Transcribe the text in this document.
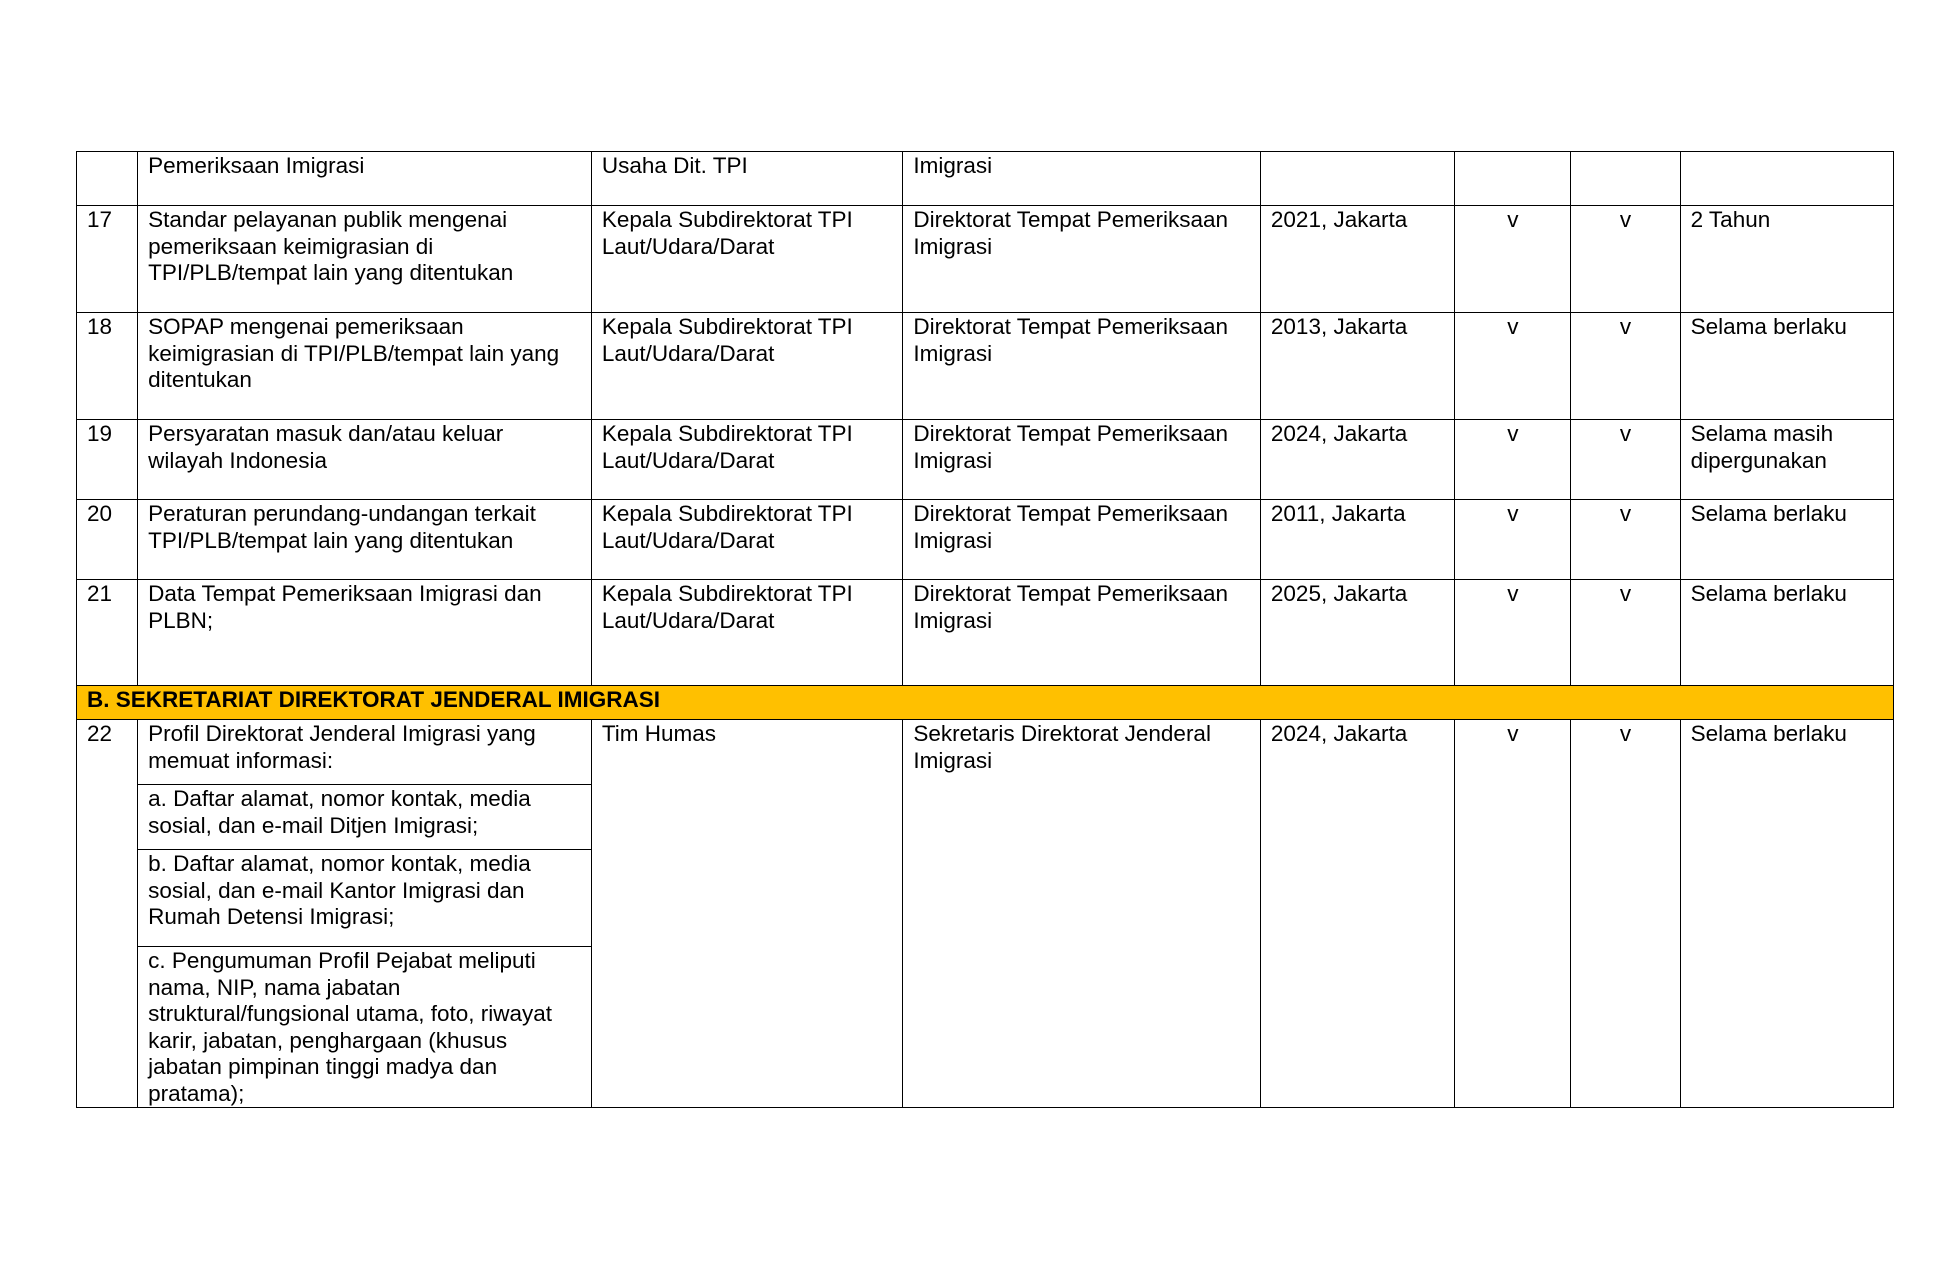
	Pemeriksaan Imigrasi	Usaha Dit. TPI	Imigrasi				
17	Standar pelayanan publik mengenai pemeriksaan keimigrasian di TPI/PLB/tempat lain yang ditentukan	Kepala Subdirektorat TPI Laut/Udara/Darat	Direktorat Tempat Pemeriksaan Imigrasi	2021, Jakarta	v	v	2 Tahun
18	SOPAP mengenai pemeriksaan keimigrasian di TPI/PLB/tempat lain yang ditentukan	Kepala Subdirektorat TPI Laut/Udara/Darat	Direktorat Tempat Pemeriksaan Imigrasi	2013, Jakarta	v	v	Selama berlaku
19	Persyaratan masuk dan/atau keluar wilayah Indonesia	Kepala Subdirektorat TPI Laut/Udara/Darat	Direktorat Tempat Pemeriksaan Imigrasi	2024, Jakarta	v	v	Selama masih dipergunakan
20	Peraturan perundang-undangan terkait TPI/PLB/tempat lain yang ditentukan	Kepala Subdirektorat TPI Laut/Udara/Darat	Direktorat Tempat Pemeriksaan Imigrasi	2011, Jakarta	v	v	Selama berlaku
21	Data Tempat Pemeriksaan Imigrasi dan PLBN;	Kepala Subdirektorat TPI Laut/Udara/Darat	Direktorat Tempat Pemeriksaan Imigrasi	2025, Jakarta	v	v	Selama berlaku

B. SEKRETARIAT DIREKTORAT JENDERAL IMIGRASI							

22	Profil Direktorat Jenderal Imigrasi yang memuat informasi:	Tim Humas	Sekretaris Direktorat Jenderal Imigrasi	2024, Jakarta	v	v	Selama berlaku
	a. Daftar alamat, nomor kontak, media sosial, dan e-mail Ditjen Imigrasi;						
	b. Daftar alamat, nomor kontak, media sosial, dan e-mail Kantor Imigrasi dan Rumah Detensi Imigrasi;						
	c. Pengumuman Profil Pejabat meliputi nama, NIP, nama jabatan struktural/fungsional utama, foto, riwayat karir, jabatan, penghargaan (khusus jabatan pimpinan tinggi madya dan pratama);						
